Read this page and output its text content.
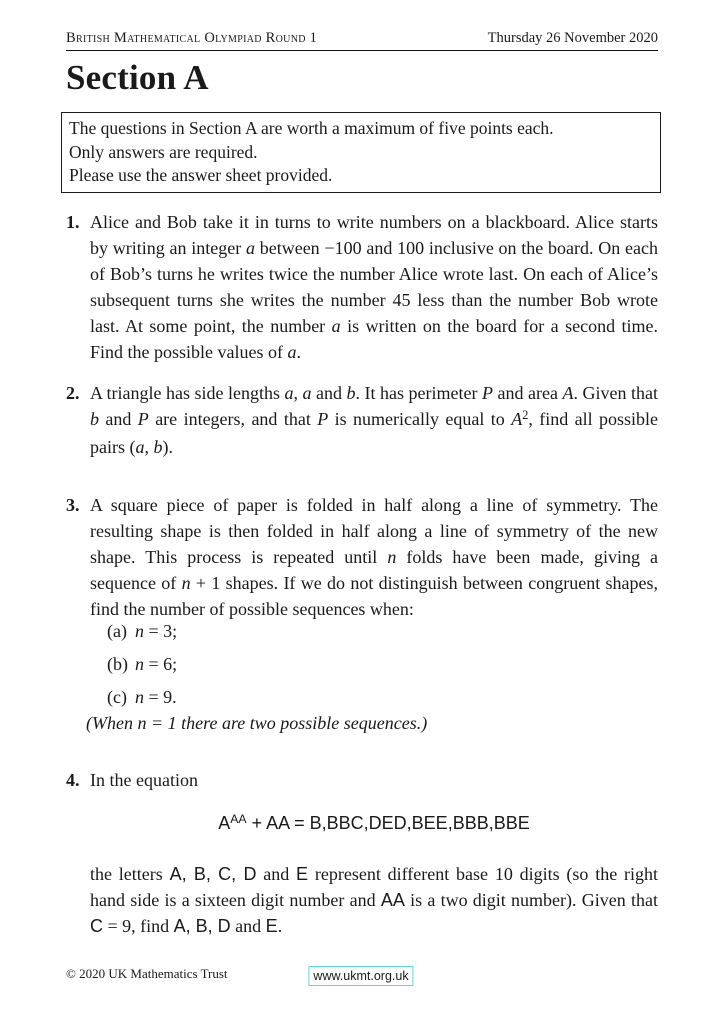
British Mathematical Olympiad Round 1	Thursday 26 November 2020
Section A
The questions in Section A are worth a maximum of five points each.
Only answers are required.
Please use the answer sheet provided.
1. Alice and Bob take it in turns to write numbers on a blackboard. Alice starts by writing an integer a between −100 and 100 inclusive on the board. On each of Bob’s turns he writes twice the number Alice wrote last. On each of Alice’s subsequent turns she writes the number 45 less than the number Bob wrote last. At some point, the number a is written on the board for a second time. Find the possible values of a.

2. A triangle has side lengths a, a and b. It has perimeter P and area A. Given that b and P are integers, and that P is numerically equal to $A^2$, find all possible pairs (a, b).

3. A square piece of paper is folded in half along a line of symmetry. The resulting shape is then folded in half along a line of symmetry of the new shape. This process is repeated until n folds have been made, giving a sequence of n + 1 shapes. If we do not distinguish between congruent shapes, find the number of possible sequences when:

(a) n = 3;
(b) n = 6;
(c) n = 9.

(When n = 1 there are two possible sequences.)

4. In the equation

$A^{AA}$ + AA = B,BBC,DED,BEE,BBB,BBE

the letters A, B, C, D and E represent different base 10 digits (so the right hand side is a sixteen digit number and AA is a two digit number). Given that C = 9, find A, B, D and E.

© 2020 UK Mathematics Trust	www.ukmt.org.uk
